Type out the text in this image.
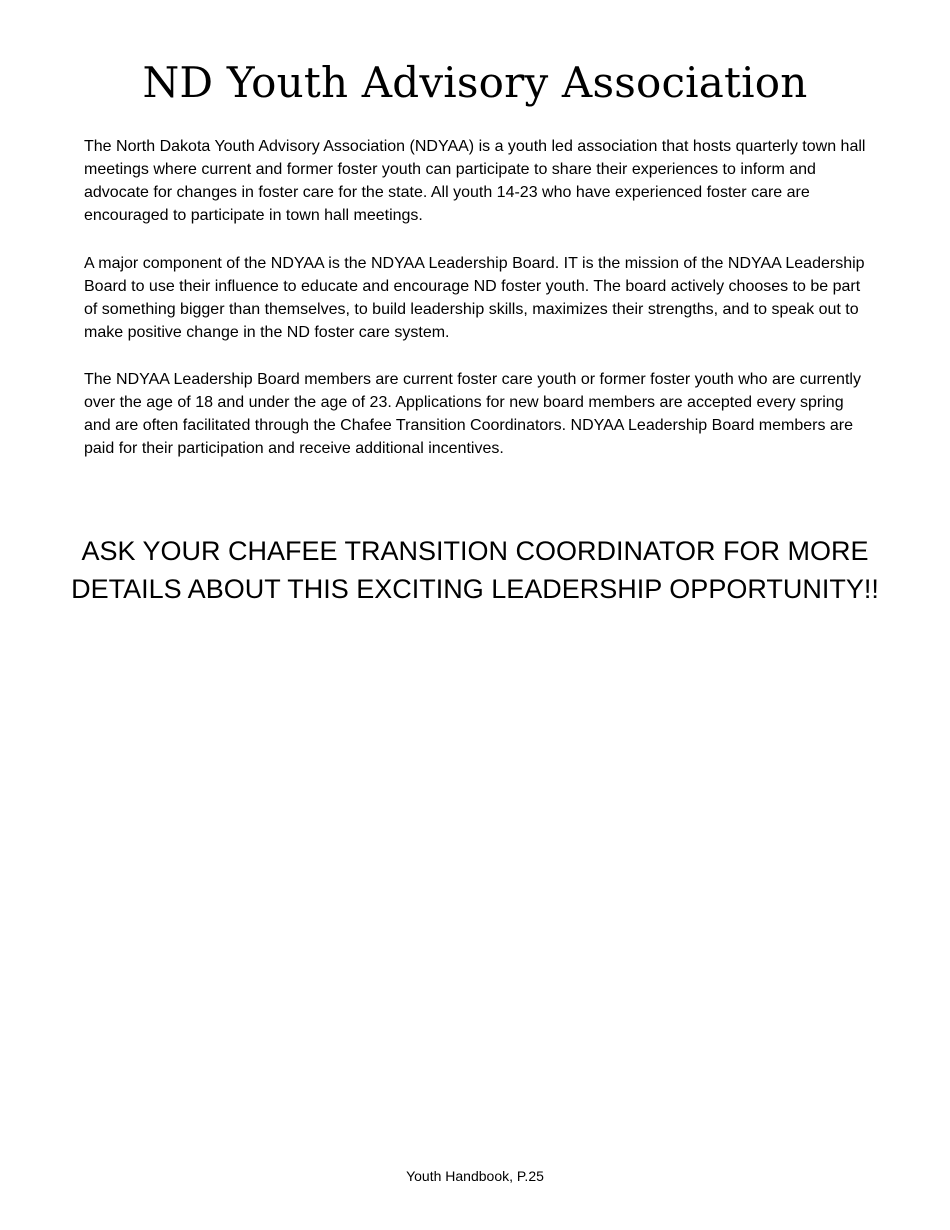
ND Youth Advisory Association

The North Dakota Youth Advisory Association (NDYAA) is a youth led association that hosts quarterly town hall meetings where current and former foster youth can participate to share their experiences to inform and advocate for changes in foster care for the state. All youth 14-23 who have experienced foster care are encouraged to participate in town hall meetings.

A major component of the NDYAA is the NDYAA Leadership Board. IT is the mission of the NDYAA Leadership Board to use their influence to educate and encourage ND foster youth. The board actively chooses to be part of something bigger than themselves, to build leadership skills, maximizes their strengths, and to speak out to make positive change in the ND foster care system.

The NDYAA Leadership Board members are current foster care youth or former foster youth who are currently over the age of 18 and under the age of 23. Applications for new board members are accepted every spring and are often facilitated through the Chafee Transition Coordinators. NDYAA Leadership Board members are paid for their participation and receive additional incentives.

ASK YOUR CHAFEE TRANSITION COORDINATOR FOR MORE DETAILS ABOUT THIS EXCITING LEADERSHIP OPPORTUNITY!!

Youth Handbook, P.25
